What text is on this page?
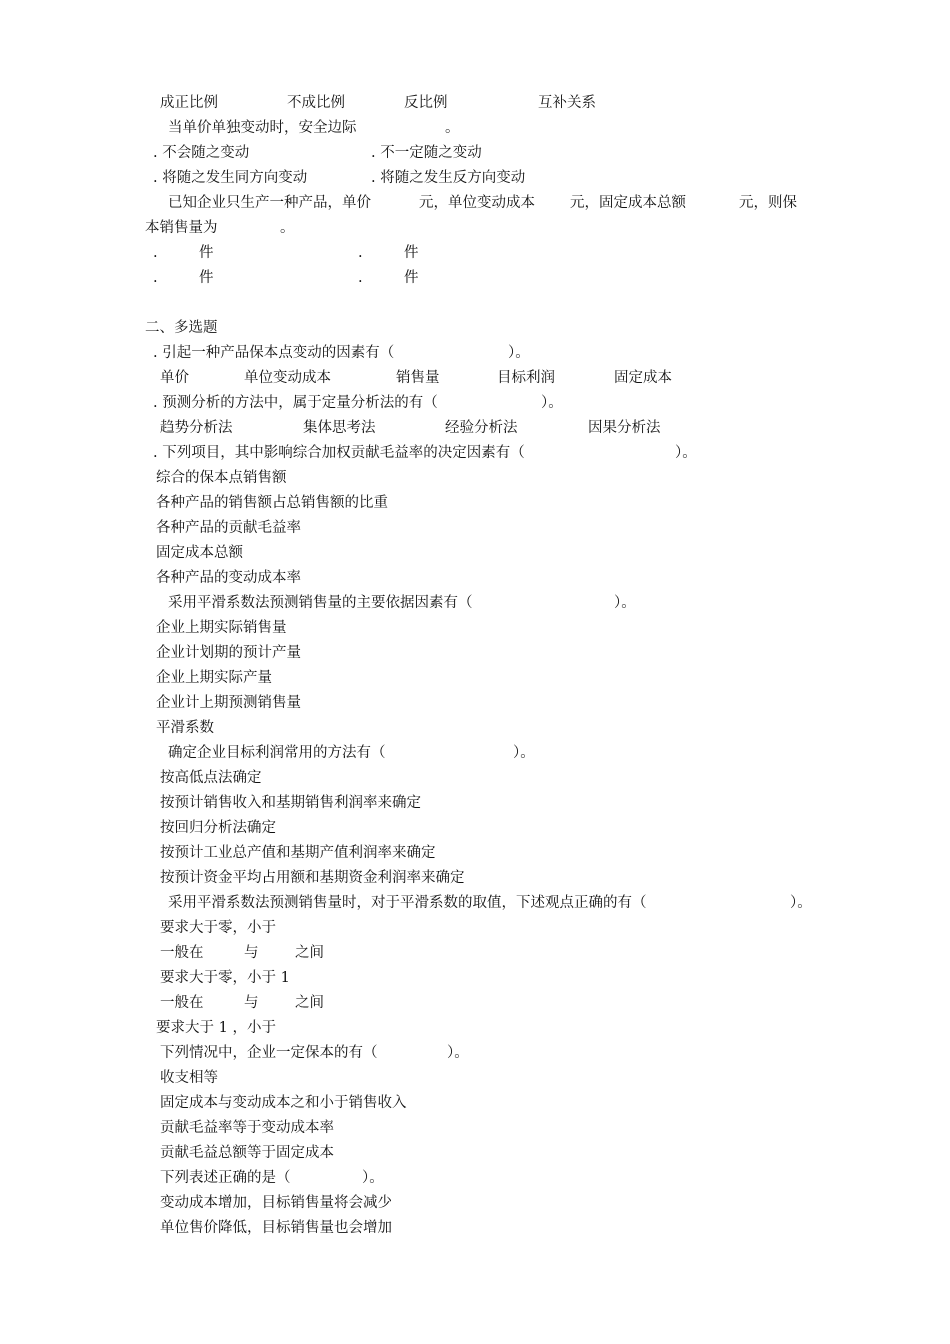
成正比例	不成比例	反比例	互补关系
当单价单独变动时，安全边际	。
. 不会随之变动	. 不一定随之变动
. 将随之发生同方向变动	. 将随之发生反方向变动
已知企业只生产一种产品，单价	元，单位变动成本 元，固定成本总额	元，则保
本销售量为	。
.	件	.	件
.	件	.	件
二、多选题
. 引起一种产品保本点变动的因素有（	）。
单价	单位变动成本	销售量	目标利润	固定成本
. 预测分析的方法中，属于定量分析法的有（	）。
趋势分析法	集体思考法	经验分析法	因果分析法
. 下列项目，其中影响综合加权贡献毛益率的决定因素有（	）。
综合的保本点销售额
各种产品的销售额占总销售额的比重
各种产品的贡献毛益率
固定成本总额
各种产品的变动成本率
采用平滑系数法预测销售量的主要依据因素有（	）。
企业上期实际销售量
企业计划期的预计产量
企业上期实际产量
企业计上期预测销售量
平滑系数
确定企业目标利润常用的方法有（	）。
按高低点法确定
按预计销售收入和基期销售利润率来确定
按回归分析法确定
按预计工业总产值和基期产值利润率来确定
按预计资金平均占用额和基期资金利润率来确定
采用平滑系数法预测销售量时，对于平滑系数的取值，下述观点正确的有（	）。
要求大于零，小于
一般在	与	之间
要求大于零，小于 1
一般在	与	之间
要求大于 1 ，小于
下列情况中，企业一定保本的有（	）。
收支相等
固定成本与变动成本之和小于销售收入
贡献毛益率等于变动成本率
贡献毛益总额等于固定成本
下列表述正确的是（	）。
变动成本增加，目标销售量将会减少
单位售价降低，目标销售量也会增加
